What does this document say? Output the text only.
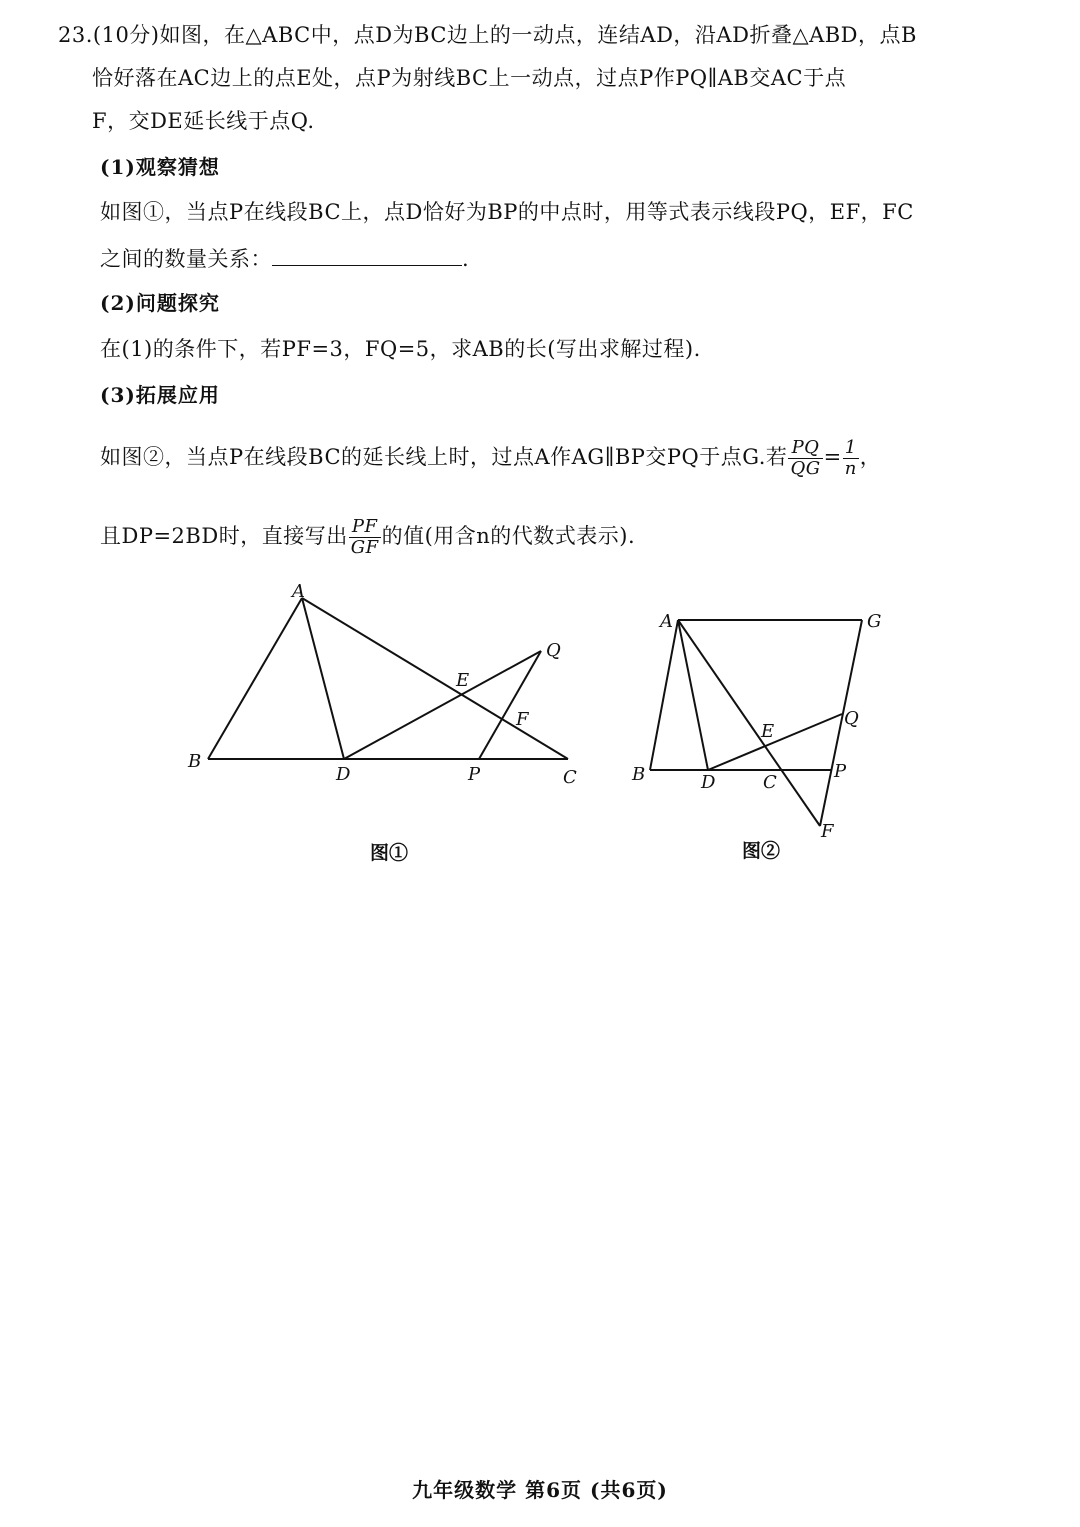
23.(10分)如图，在△ABC中，点D为BC边上的一动点，连结AD，沿AD折叠△ABD，点B
恰好落在AC边上的点E处，点P为射线BC上一动点，过点P作PQ∥AB交AC于点
F，交DE延长线于点Q.
(1)观察猜想
如图①，当点P在线段BC上，点D恰好为BP的中点时，用等式表示线段PQ，EF，FC
之间的数量关系：	.
(2)问题探究
在(1)的条件下，若PF=3，FQ=5，求AB的长(写出求解过程).
(3)拓展应用
如图②，当点P在线段BC的延长线上时，过点A作AG∥BP交PQ于点G.若 $\frac{PQ}{QG} = \frac{1}{n}$ ，
且DP=2BD时，直接写出 $\frac{PF}{GF}$ 的值(用含n的代数式表示).
A
B
C
D
E
F
P
Q
A
B	C
D
E
F
G
P
Q
图①	图②
九年级数学 第6页 (共6页)
